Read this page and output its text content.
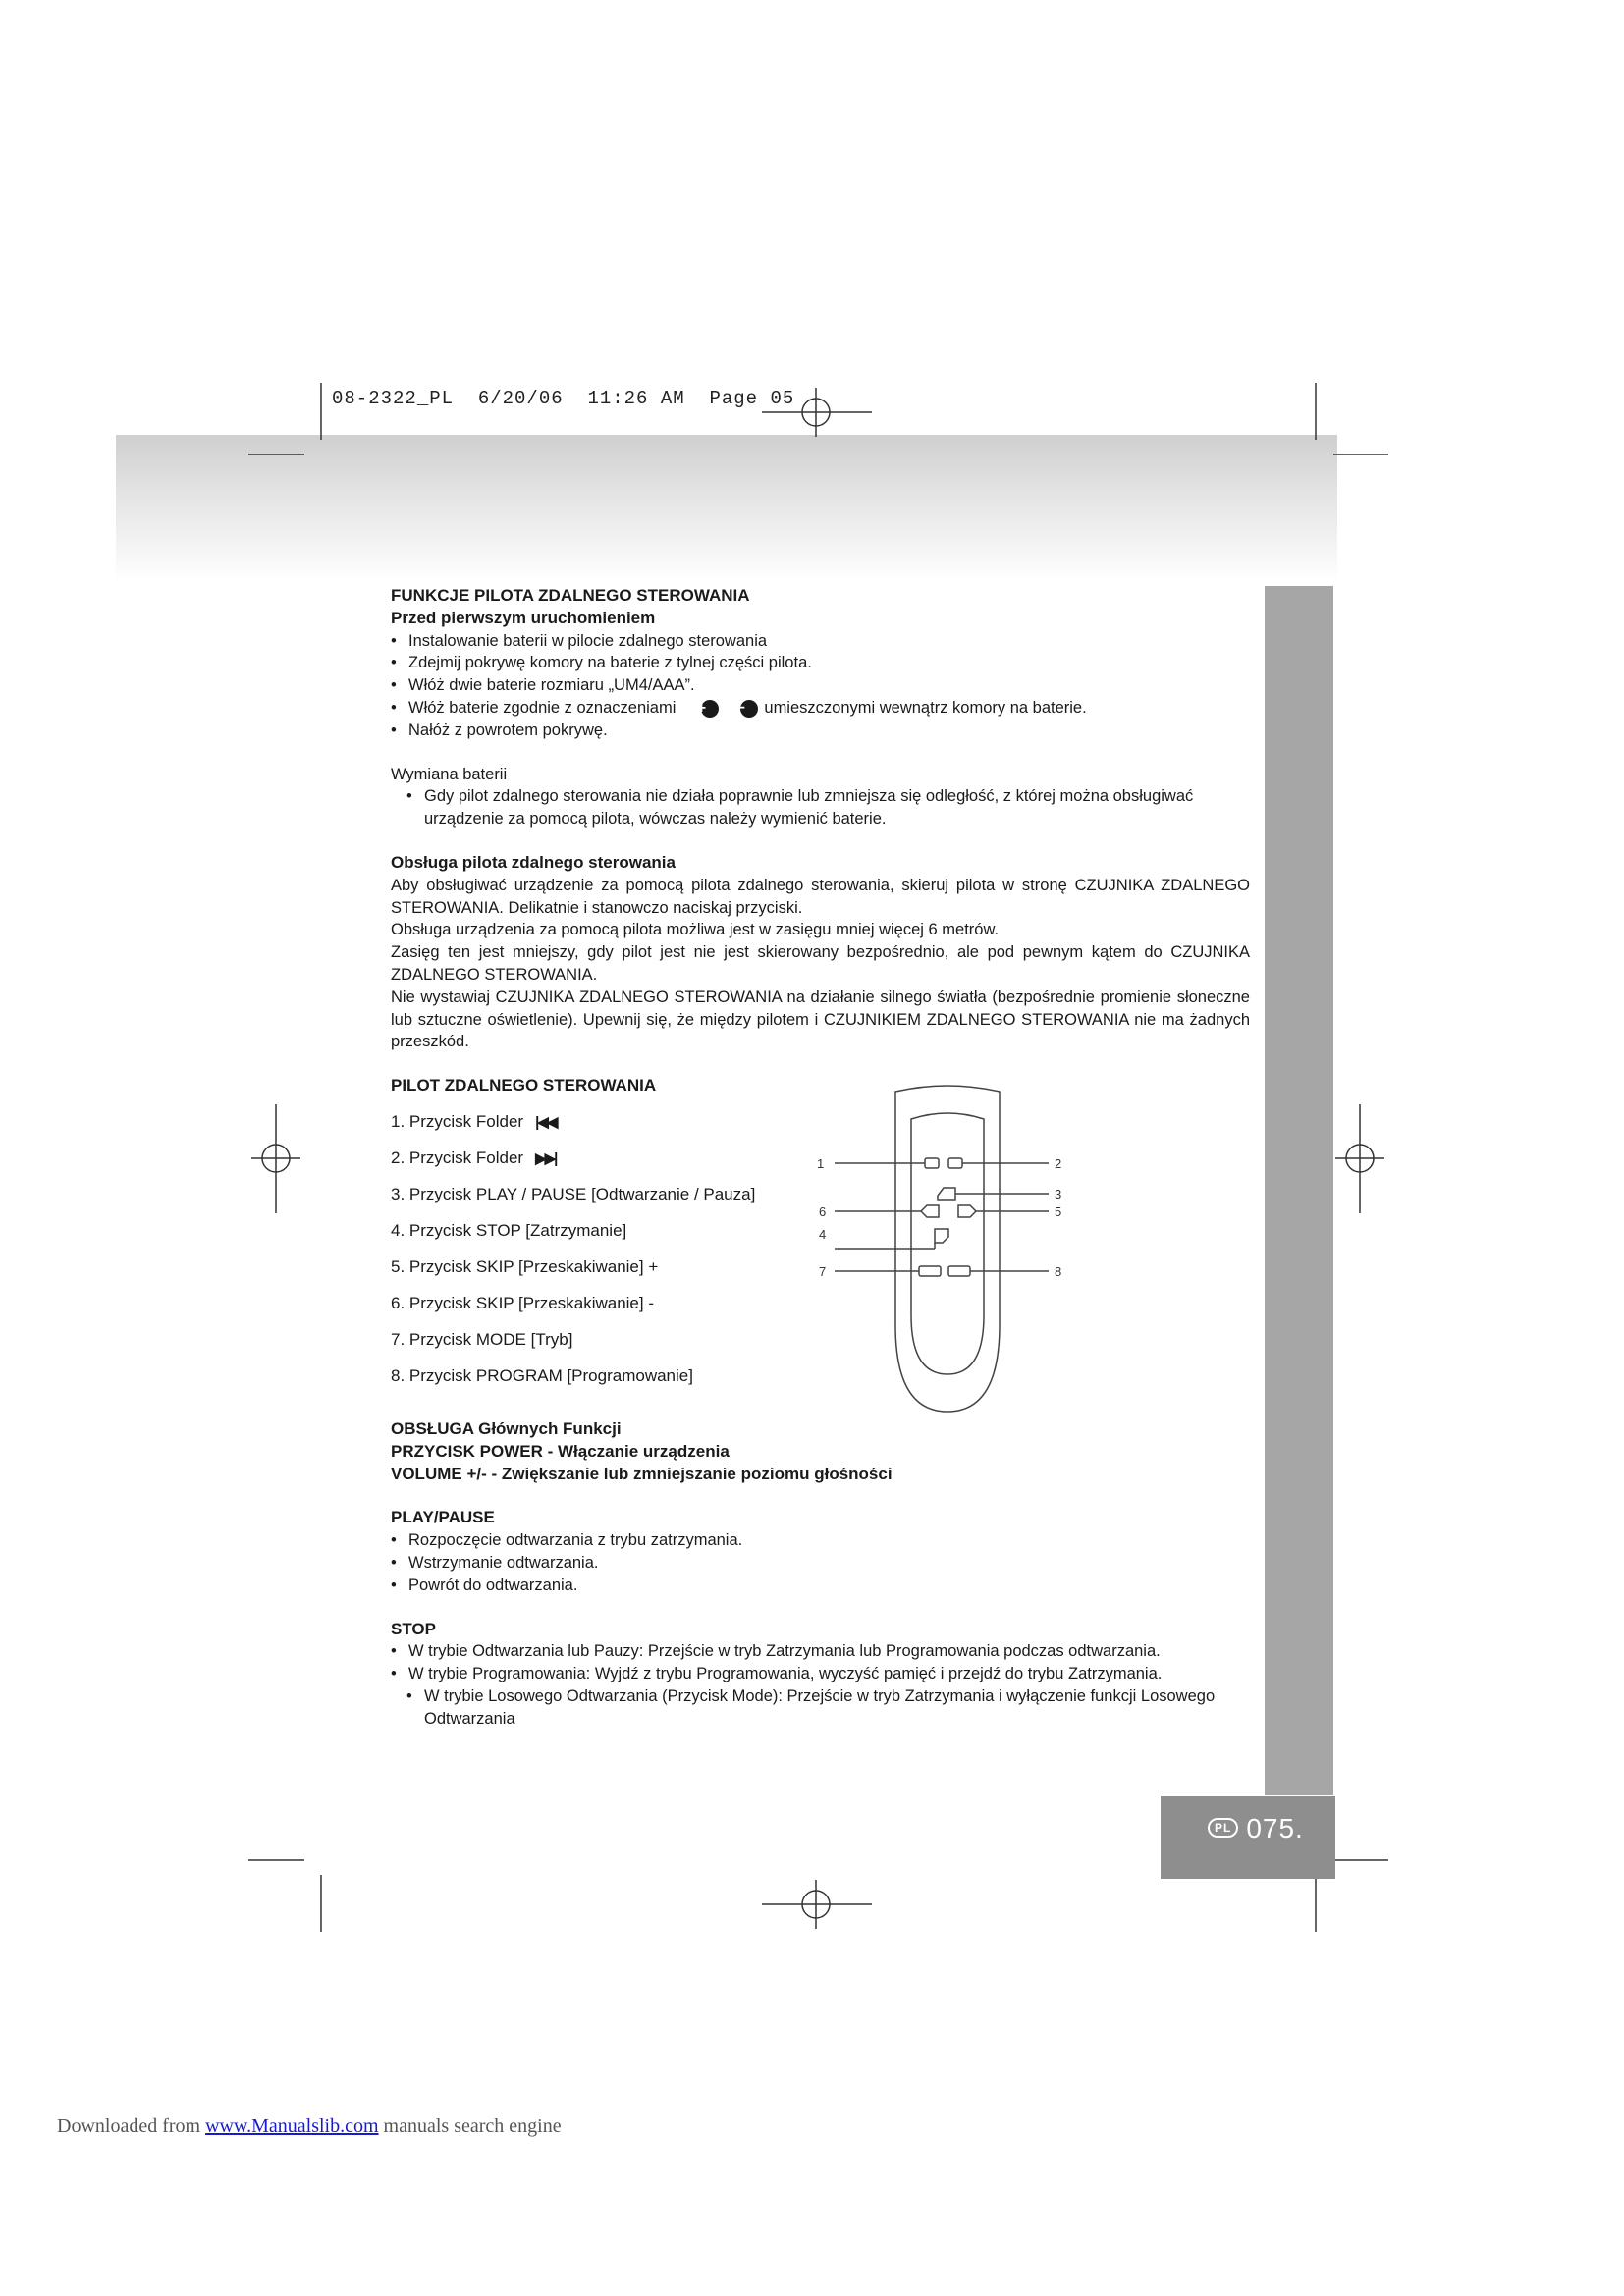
08-2322_PL  6/20/06  11:26 AM  Page 05
PL 075.

FUNKCJE PILOTA ZDALNEGO STEROWANIA

Przed pierwszym uruchomieniem

• Instalowanie baterii w pilocie zdalnego sterowania

• Zdejmij pokrywę komory na baterie z tylnej części pilota.

• Włóż dwie baterie rozmiaru „UM4/AAA”.

• Włóż baterie zgodnie z oznaczeniami + − umieszczonymi wewnątrz komory na baterie.

• Nałóż z powrotem pokrywę.

Wymiana baterii

• Gdy pilot zdalnego sterowania nie działa poprawnie lub zmniejsza się odległość, z której można obsługiwać urządzenie za pomocą pilota, wówczas należy wymienić baterie.

Obsługa pilota zdalnego sterowania

Aby obsługiwać urządzenie za pomocą pilota zdalnego sterowania, skieruj pilota w stronę CZUJNIKA ZDALNEGO STEROWANIA. Delikatnie i stanowczo naciskaj przyciski.

Obsługa urządzenia za pomocą pilota możliwa jest w zasięgu mniej więcej 6 metrów.

Zasięg ten jest mniejszy, gdy pilot jest nie jest skierowany bezpośrednio, ale pod pewnym kątem do CZUJNIKA ZDALNEGO STEROWANIA.

Nie wystawiaj CZUJNIKA ZDALNEGO STEROWANIA na działanie silnego światła (bezpośrednie promienie słoneczne lub sztuczne oświetlenie). Upewnij się, że między pilotem i CZUJNIKIEM ZDALNEGO STEROWANIA nie ma żadnych przeszkód.

PILOT ZDALNEGO STEROWANIA

1. Przycisk Folder |◀◀
2. Przycisk Folder ▶▶|
3. Przycisk PLAY / PAUSE [Odtwarzanie / Pauza]
4. Przycisk STOP [Zatrzymanie]
5. Przycisk SKIP [Przeskakiwanie] +
6. Przycisk SKIP [Przeskakiwanie] -
7. Przycisk MODE [Tryb]
8. Przycisk PROGRAM [Programowanie]
1	2
3
4
5
6
7	8

OBSŁUGA Głównych Funkcji

PRZYCISK POWER - Włączanie urządzenia

VOLUME +/- - Zwiększanie lub zmniejszanie poziomu głośności

PLAY/PAUSE

• Rozpoczęcie odtwarzania z trybu zatrzymania.

• Wstrzymanie odtwarzania.

• Powrót do odtwarzania.

STOP

• W trybie Odtwarzania lub Pauzy: Przejście w tryb Zatrzymania lub Programowania podczas odtwarzania.

• W trybie Programowania: Wyjdź z trybu Programowania, wyczyść pamięć i przejdź do trybu Zatrzymania.

• W trybie Losowego Odtwarzania (Przycisk Mode): Przejście w tryb Zatrzymania i wyłączenie funkcji Losowego Odtwarzania

Downloaded from www.Manualslib.com manuals search engine
